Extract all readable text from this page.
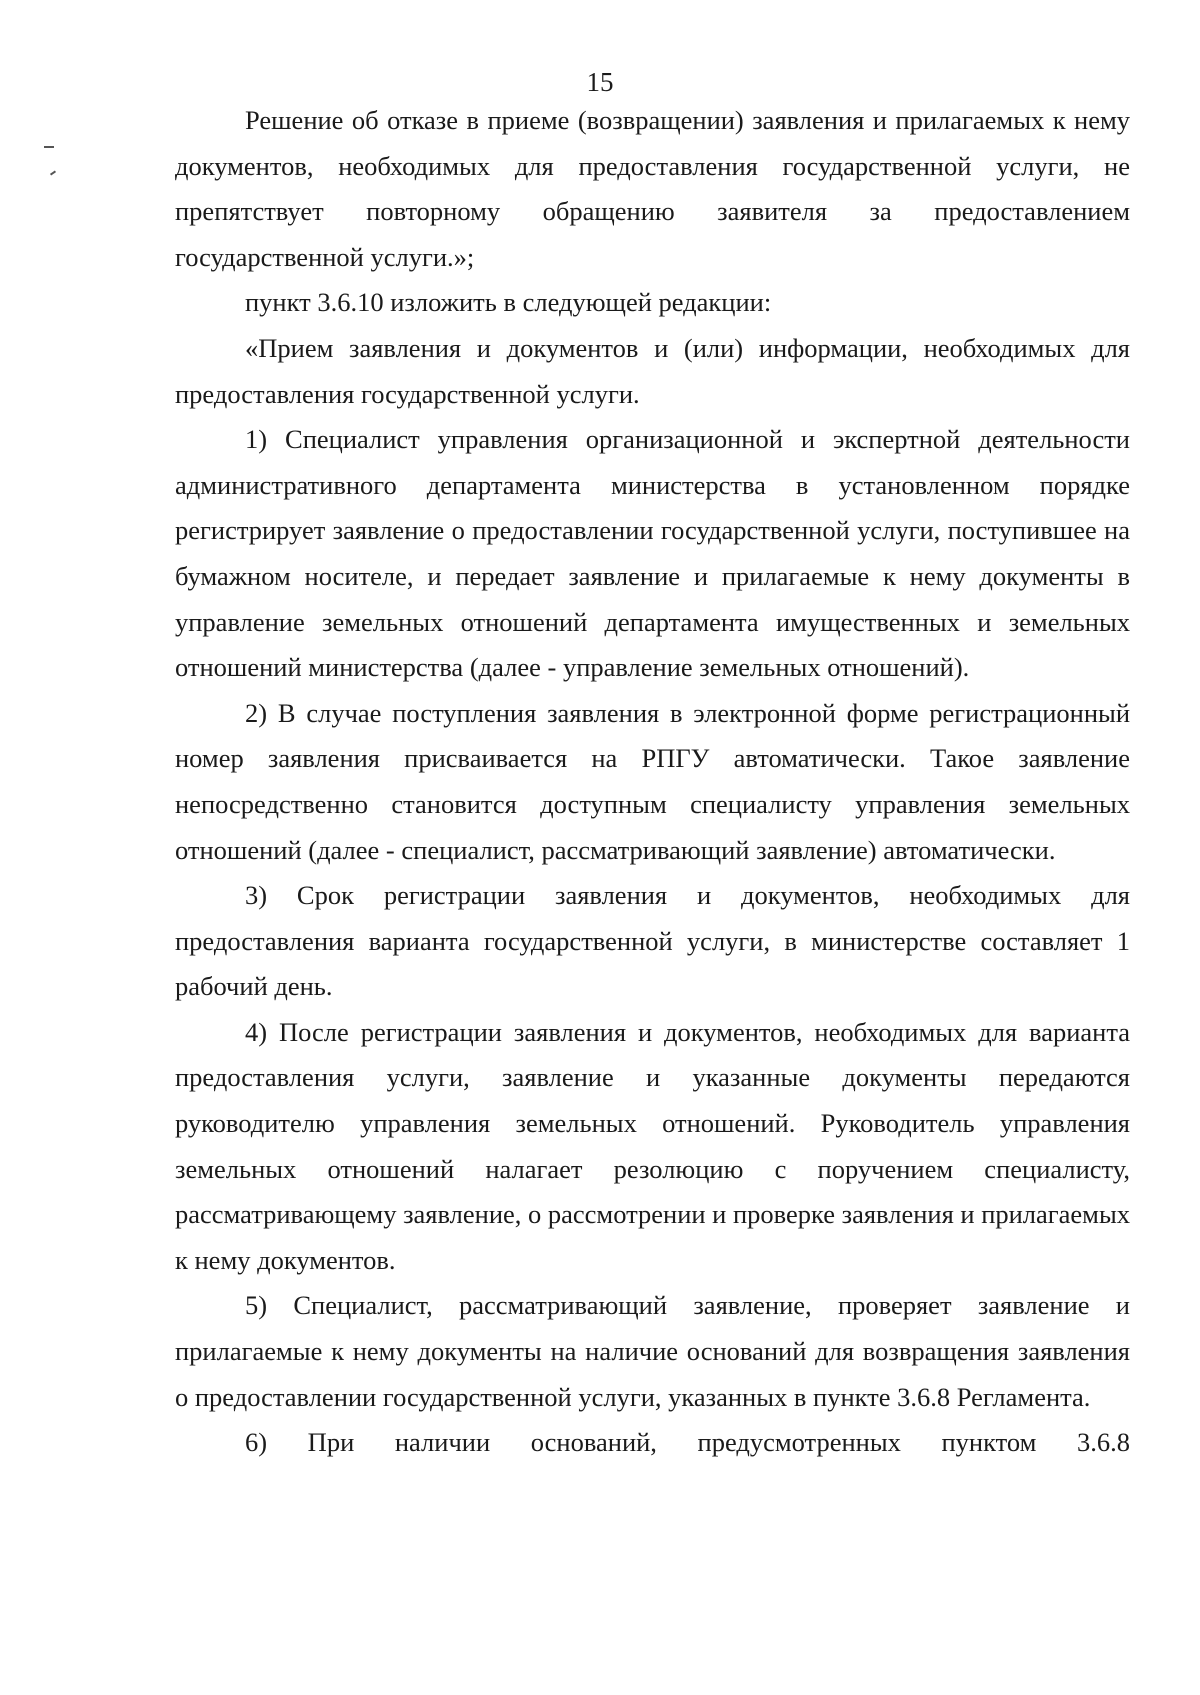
15

Решение об отказе в приеме (возвращении) заявления и прилагаемых к нему документов, необходимых для предоставления государственной услуги, не препятствует повторному обращению заявителя за предоставлением государственной услуги.»;

пункт 3.6.10 изложить в следующей редакции:

«Прием заявления и документов и (или) информации, необходимых для предоставления государственной услуги.

1) Специалист управления организационной и экспертной деятельности административного департамента министерства в установленном порядке регистрирует заявление о предоставлении государственной услуги, поступившее на бумажном носителе, и передает заявление и прилагаемые к нему документы в управление земельных отношений департамента имущественных и земельных отношений министерства (далее - управление земельных отношений).

2) В случае поступления заявления в электронной форме регистрационный номер заявления присваивается на РПГУ автоматически. Такое заявление непосредственно становится доступным специалисту управления земельных отношений (далее - специалист, рассматривающий заявление) автоматически.

3) Срок регистрации заявления и документов, необходимых для предоставления варианта государственной услуги, в министерстве составляет 1 рабочий день.

4) После регистрации заявления и документов, необходимых для варианта предоставления услуги, заявление и указанные документы передаются руководителю управления земельных отношений. Руководитель управления земельных отношений налагает резолюцию с поручением специалисту, рассматривающему заявление, о рассмотрении и проверке заявления и прилагаемых к нему документов.

5) Специалист, рассматривающий заявление, проверяет заявление и прилагаемые к нему документы на наличие оснований для возвращения заявления о предоставлении государственной услуги, указанных в пункте 3.6.8 Регламента.

6) При наличии оснований, предусмотренных пунктом 3.6.8
